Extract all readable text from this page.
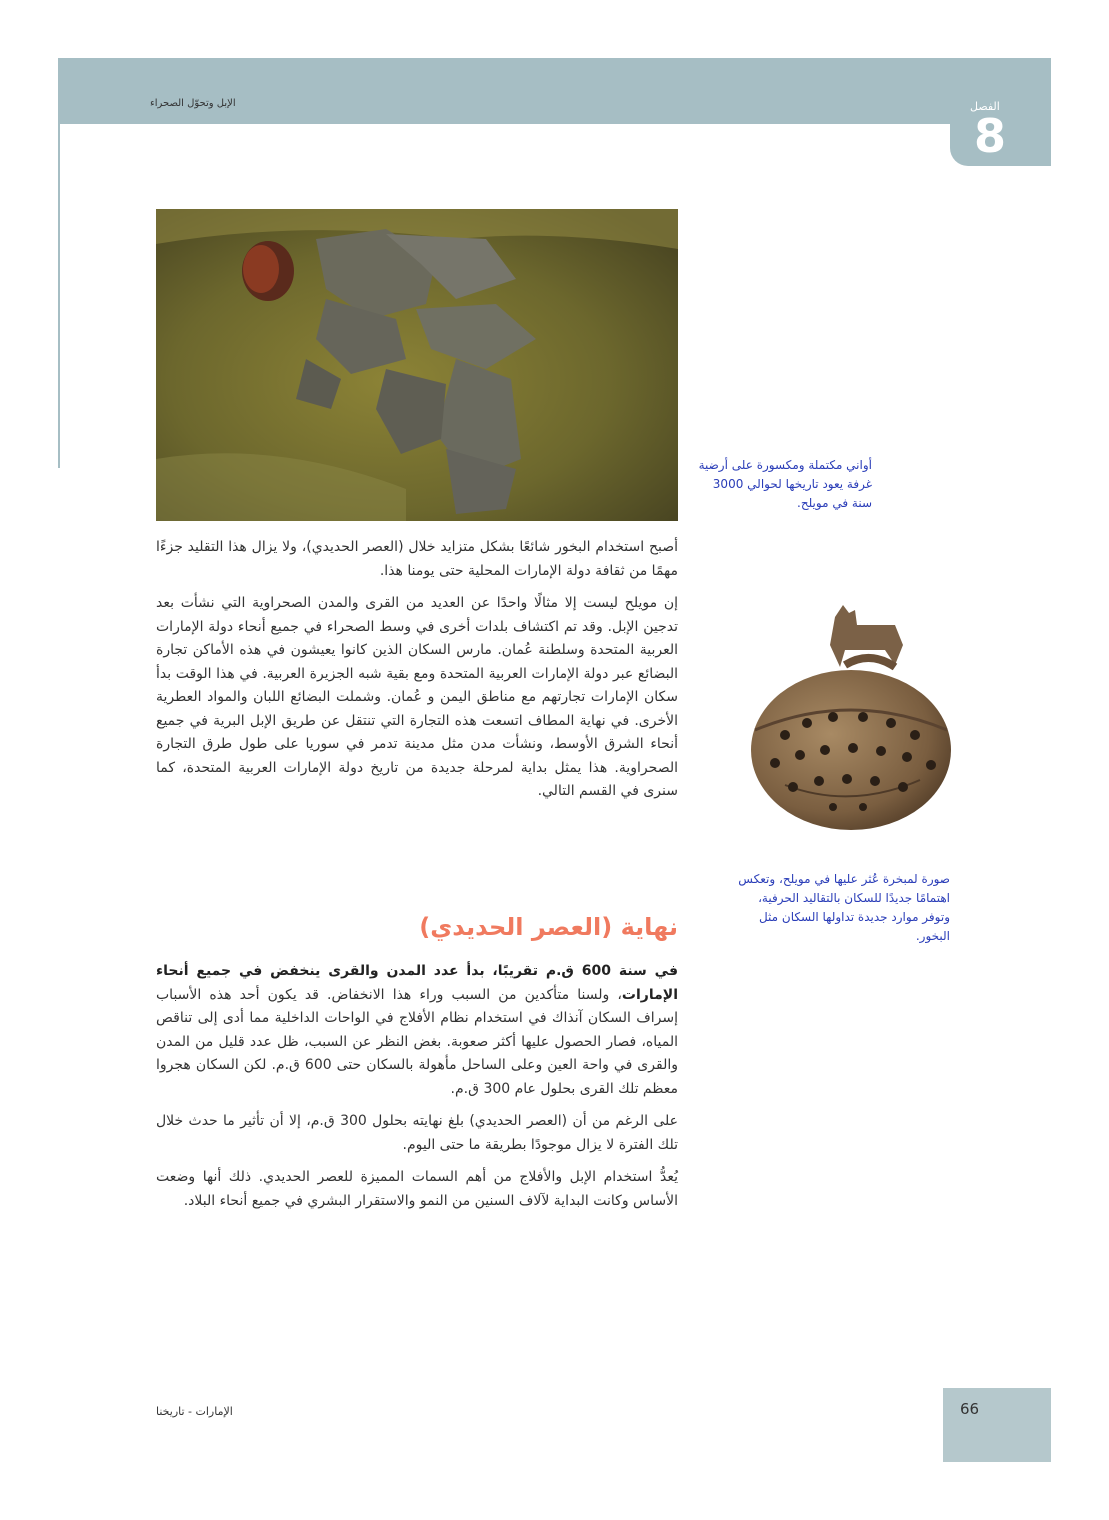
الإبل وتحوّل الصحراء	الفصل
8
أواني مكتملة ومكسورة على أرضية غرفة يعود تاريخها لحوالي 3000 سنة في مويلح.
صورة لمبخرة عُثر عليها في مويلح، وتعكس اهتمامًا جديدًا للسكان بالتقاليد الحرفية، وتوفر موارد جديدة تداولها السكان مثل البخور.

أصبح استخدام البخور شائعًا بشكل متزايد خلال (العصر الحديدي)، ولا يزال هذا التقليد جزءًا مهمًا من ثقافة دولة الإمارات المحلية حتى يومنا هذا.

إن مويلح ليست إلا مثالًا واحدًا عن العديد من القرى والمدن الصحراوية التي نشأت بعد تدجين الإبل. وقد تم اكتشاف بلدات أخرى في وسط الصحراء في جميع أنحاء دولة الإمارات العربية المتحدة وسلطنة عُمان. مارس السكان الذين كانوا يعيشون في هذه الأماكن تجارة البضائع عبر دولة الإمارات العربية المتحدة ومع بقية شبه الجزيرة العربية. في هذا الوقت بدأ سكان الإمارات تجارتهم مع مناطق اليمن و عُمان. وشملت البضائع اللبان والمواد العطرية الأخرى. في نهاية المطاف اتسعت هذه التجارة التي تنتقل عن طريق الإبل البرية في جميع أنحاء الشرق الأوسط، ونشأت مدن مثل مدينة تدمر في سوريا على طول طرق التجارة الصحراوية. هذا يمثل بداية لمرحلة جديدة من تاريخ دولة الإمارات العربية المتحدة، كما سنرى في القسم التالي.

نهاية (العصر الحديدي)

في سنة 600 ق.م تقريبًا، بدأ عدد المدن والقرى ينخفض في جميع أنحاء الإمارات، ولسنا متأكدين من السبب وراء هذا الانخفاض. قد يكون أحد هذه الأسباب إسراف السكان آنذاك في استخدام نظام الأفلاج في الواحات الداخلية مما أدى إلى تناقص المياه، فصار الحصول عليها أكثر صعوبة. بغض النظر عن السبب، ظل عدد قليل من المدن والقرى في واحة العين وعلى الساحل مأهولة بالسكان حتى 600 ق.م. لكن السكان هجروا معظم تلك القرى بحلول عام 300 ق.م.

على الرغم من أن (العصر الحديدي) بلغ نهايته بحلول 300 ق.م، إلا أن تأثير ما حدث خلال تلك الفترة لا يزال موجودًا بطريقة ما حتى اليوم.

يُعدُّ استخدام الإبل والأفلاج من أهم السمات المميزة للعصر الحديدي. ذلك أنها وضعت الأساس وكانت البداية لآلاف السنين من النمو والاستقرار البشري في جميع أنحاء البلاد.

66
الإمارات - تاريخنا
